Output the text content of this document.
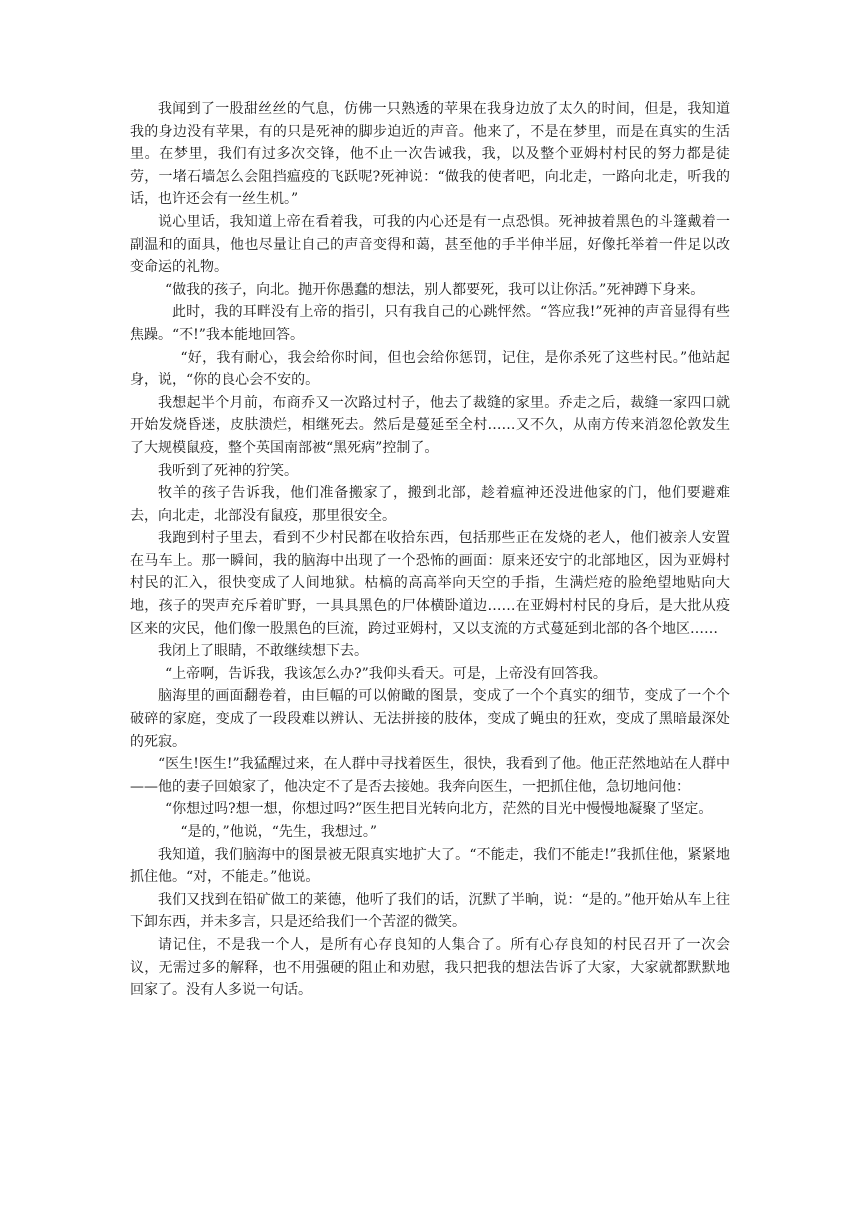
我闻到了一股甜丝丝的气息，仿佛一只熟透的苹果在我身边放了太久的时间，但是，我知道我的身边没有苹果，有的只是死神的脚步迫近的声音。他来了，不是在梦里，而是在真实的生活里。在梦里，我们有过多次交锋，他不止一次告诫我，我，以及整个亚姆村村民的努力都是徒劳，一堵石墙怎么会阻挡瘟疫的飞跃呢?死神说：“做我的使者吧，向北走，一路向北走，听我的话，也许还会有一丝生机。”

说心里话，我知道上帝在看着我，可我的内心还是有一点恐惧。死神披着黑色的斗篷戴着一副温和的面具，他也尽量让自己的声音变得和蔼，甚至他的手半伸半屈，好像托举着一件足以改变命运的礼物。

“做我的孩子，向北。抛开你愚蠢的想法，别人都要死，我可以让你活。”死神蹲下身来。

此时，我的耳畔没有上帝的指引，只有我自己的心跳怦然。“答应我!”死神的声音显得有些焦躁。“不!”我本能地回答。

“好，我有耐心，我会给你时间，但也会给你惩罚，记住，是你杀死了这些村民。”他站起身，说，“你的良心会不安的。

我想起半个月前，布商乔又一次路过村子，他去了裁缝的家里。乔走之后，裁缝一家四口就开始发烧昏迷，皮肤溃烂，相继死去。然后是蔓延至全村……又不久，从南方传来消忽伦敦发生了大规模鼠疫，整个英国南部被“黑死病”控制了。

我听到了死神的狞笑。

牧羊的孩子告诉我，他们准备搬家了，搬到北部，趁着瘟神还没进他家的门，他们要避难去，向北走，北部没有鼠疫，那里很安全。

我跑到村子里去，看到不少村民都在收拾东西，包括那些正在发烧的老人，他们被亲人安置在马车上。那一瞬间，我的脑海中出现了一个恐怖的画面：原来还安宁的北部地区，因为亚姆村村民的汇入，很快变成了人间地狱。枯槁的高高举向天空的手指，生满烂疮的脸绝望地贴向大地，孩子的哭声充斥着旷野，一具具黑色的尸体横卧道边……在亚姆村村民的身后，是大批从疫区来的灾民，他们像一股黑色的巨流，跨过亚姆村，又以支流的方式蔓延到北部的各个地区……

我闭上了眼睛，不敢继续想下去。

“上帝啊，告诉我，我该怎么办?”我仰头看天。可是，上帝没有回答我。

脑海里的画面翻卷着，由巨幅的可以俯瞰的图景，变成了一个个真实的细节，变成了一个个破碎的家庭，变成了一段段难以辨认、无法拼接的肢体，变成了蝇虫的狂欢，变成了黑暗最深处的死寂。

“医生!医生!”我猛醒过来，在人群中寻找着医生，很快，我看到了他。他正茫然地站在人群中——他的妻子回娘家了，他决定不了是否去接她。我奔向医生，一把抓住他，急切地问他：

“你想过吗?想一想，你想过吗?”医生把目光转向北方，茫然的目光中慢慢地凝聚了坚定。

“是的，”他说，“先生，我想过。”

我知道，我们脑海中的图景被无限真实地扩大了。“不能走，我们不能走!”我抓住他，紧紧地抓住他。“对，不能走。”他说。

我们又找到在铅矿做工的莱德，他听了我们的话，沉默了半晌，说：“是的。”他开始从车上往下卸东西，并未多言，只是还给我们一个苦涩的微笑。

请记住，不是我一个人，是所有心存良知的人集合了。所有心存良知的村民召开了一次会议，无需过多的解释，也不用强硬的阻止和劝慰，我只把我的想法告诉了大家，大家就都默默地回家了。没有人多说一句话。
